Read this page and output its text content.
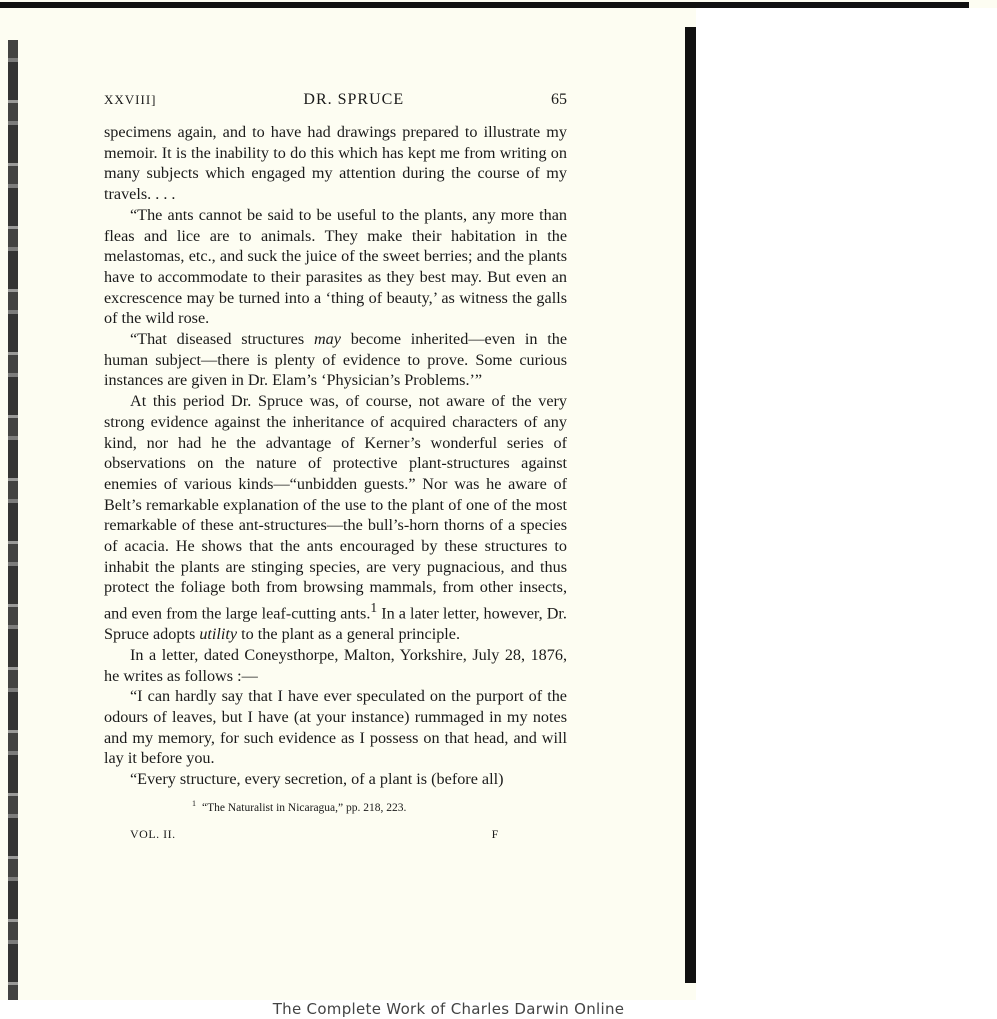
XXVIII]	DR. SPRUCE	65

specimens again, and to have had drawings prepared to illustrate my memoir. It is the inability to do this which has kept me from writing on many subjects which engaged my attention during the course of my travels. . . .

“The ants cannot be said to be useful to the plants, any more than fleas and lice are to animals. They make their habitation in the melastomas, etc., and suck the juice of the sweet berries; and the plants have to accommodate to their parasites as they best may. But even an excrescence may be turned into a ‘thing of beauty,’ as witness the galls of the wild rose.

“That diseased structures may become inherited—even in the human subject—there is plenty of evidence to prove. Some curious instances are given in Dr. Elam’s ‘Physician’s Problems.’”

At this period Dr. Spruce was, of course, not aware of the very strong evidence against the inheritance of acquired characters of any kind, nor had he the advantage of Kerner’s wonderful series of observations on the nature of protective plant-structures against enemies of various kinds—“unbidden guests.” Nor was he aware of Belt’s remarkable explanation of the use to the plant of one of the most remarkable of these ant-structures—the bull’s-horn thorns of a species of acacia. He shows that the ants encouraged by these structures to inhabit the plants are stinging species, are very pugnacious, and thus protect the foliage both from browsing mammals, from other insects, and even from the large leaf-cutting ants.$^1$ In a later letter, however, Dr. Spruce adopts utility to the plant as a general principle.

In a letter, dated Coneysthorpe, Malton, Yorkshire, July 28, 1876, he writes as follows :—

“I can hardly say that I have ever speculated on the purport of the odours of leaves, but I have (at your instance) rummaged in my notes and my memory, for such evidence as I possess on that head, and will lay it before you.

“Every structure, every secretion, of a plant is (before all)

$^1$ “The Naturalist in Nicaragua,” pp. 218, 223.
VOL. II.	F
The Complete Work of Charles Darwin Online
